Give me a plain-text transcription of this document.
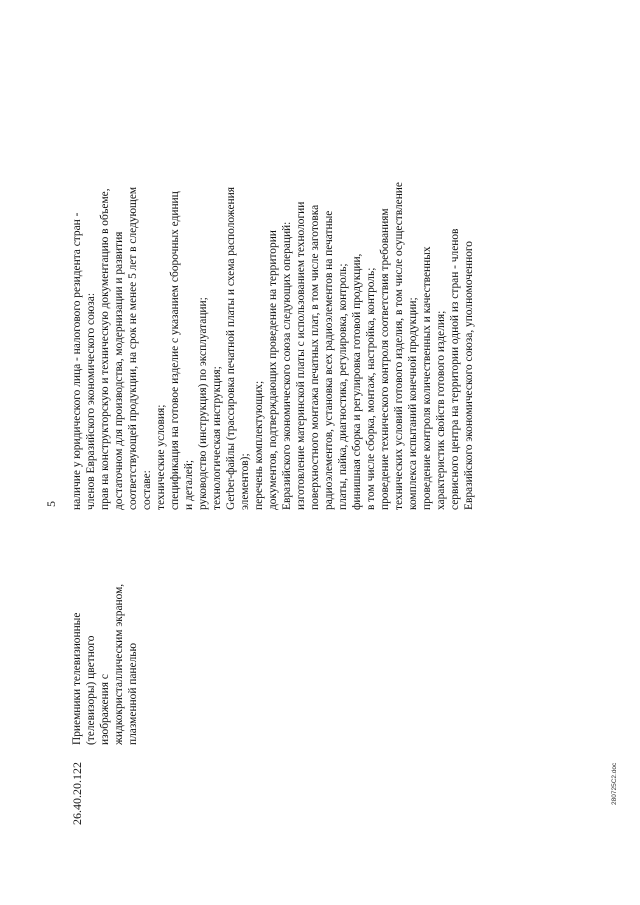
5
26.40.20.122
Приемники телевизионные (телевизоры) цветного изображения с жидкокристаллическим экраном, плазменной панелью
наличие у юридического лица - налогового резидента стран - членов Евразийского экономического союза: прав на конструкторскую и техническую документацию в объеме, достаточном для производства, модернизации и развития соответствующей продукции, на срок не менее 5 лет в следующем составе: технические условия; спецификация на готовое изделие с указанием сборочных единиц и деталей; руководство (инструкция) по эксплуатации; технологическая инструкция; Gerber-файлы (трассировка печатной платы и схема расположения элементов); перечень комплектующих; документов, подтверждающих проведение на территории Евразийского экономического союза следующих операций: изготовление материнской платы с использованием технологии поверхностного монтажа печатных плат, в том числе заготовка радиоэлементов, установка всех радиоэлементов на печатные платы, пайка, диагностика, регулировка, контроль; финишная сборка и регулировка готовой продукции, в том числе сборка, монтаж, настройка, контроль; проведение технического контроля соответствия требованиям технических условий готового изделия, в том числе осуществление комплекса испытаний конечной продукции; проведение контроля количественных и качественных характеристик свойств готового изделия; сервисного центра на территории одной из стран - членов Евразийского экономического союза, уполномоченного
280725С2.doc
